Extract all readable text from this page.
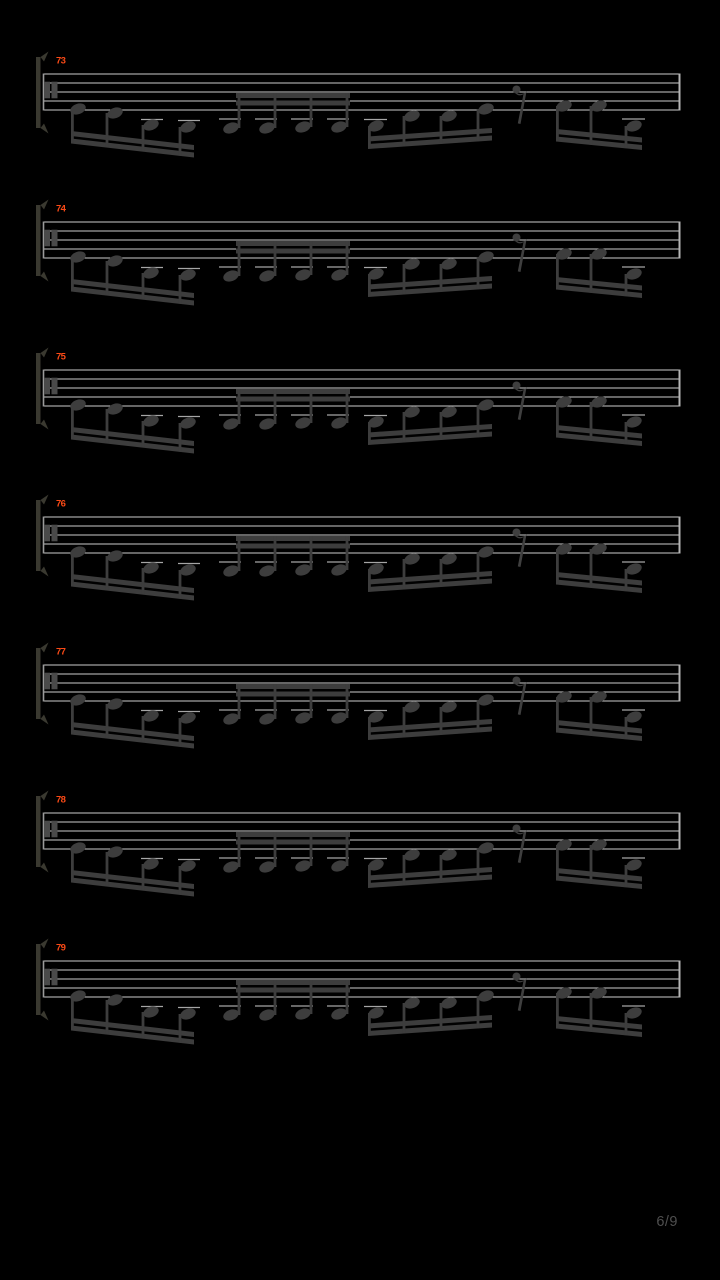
73
74
75
76
77
78
79
6/9
